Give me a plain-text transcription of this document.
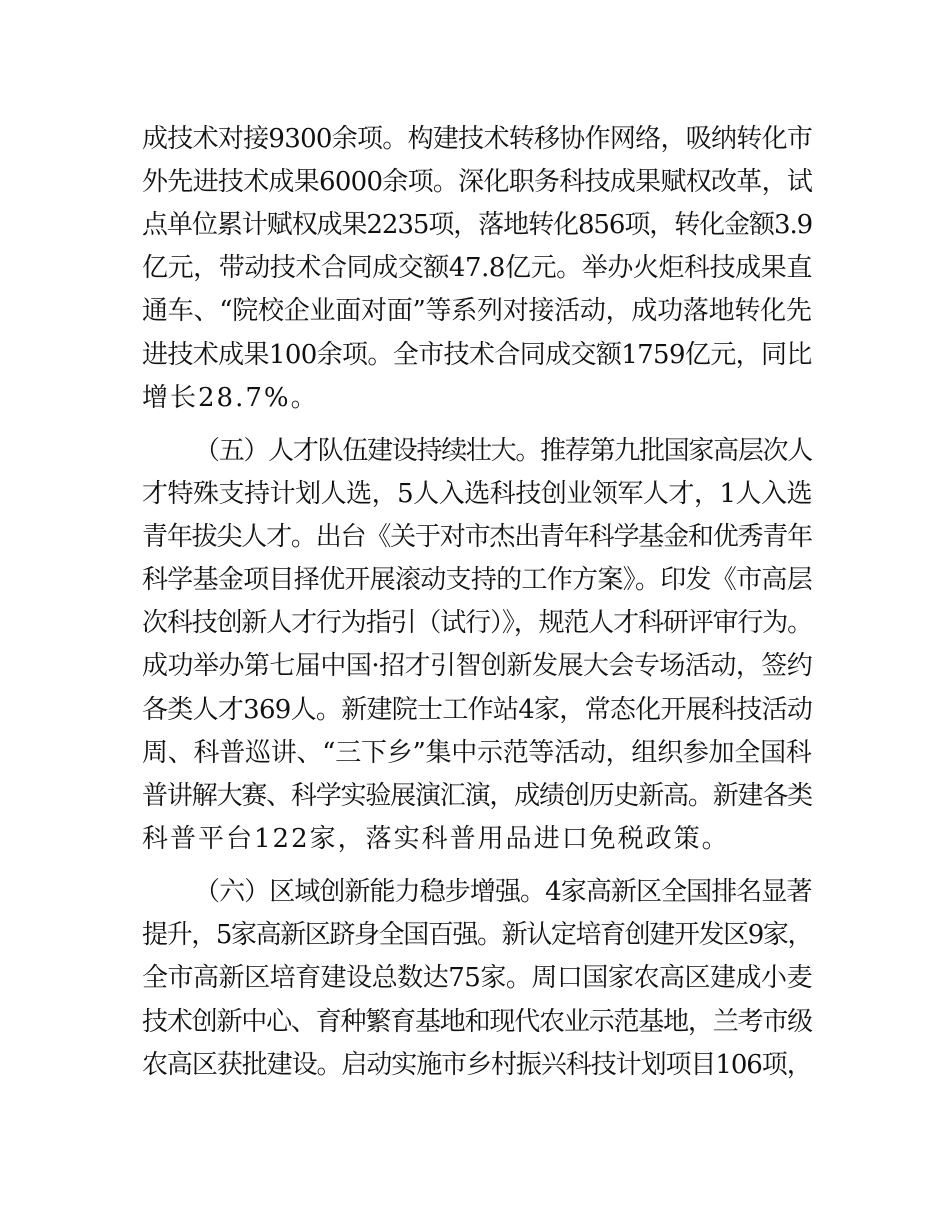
成技术对接9300余项。构建技术转移协作网络，吸纳转化市
外先进技术成果6000余项。深化职务科技成果赋权改革，试
点单位累计赋权成果2235项，落地转化856项，转化金额3.9
亿元，带动技术合同成交额47.8亿元。举办火炬科技成果直
通车、“院校企业面对面”等系列对接活动，成功落地转化先
进技术成果100余项。全市技术合同成交额1759亿元，同比
增长28.7%。
（五）人才队伍建设持续壮大。推荐第九批国家高层次人
才特殊支持计划人选，5人入选科技创业领军人才，1人入选
青年拔尖人才。出台《关于对市杰出青年科学基金和优秀青年
科学基金项目择优开展滚动支持的工作方案》。印发《市高层
次科技创新人才行为指引（试行）》，规范人才科研评审行为。
成功举办第七届中国·招才引智创新发展大会专场活动，签约
各类人才369人。新建院士工作站4家，常态化开展科技活动
周、科普巡讲、“三下乡”集中示范等活动，组织参加全国科
普讲解大赛、科学实验展演汇演，成绩创历史新高。新建各类
科普平台122家，落实科普用品进口免税政策。
（六）区域创新能力稳步增强。4家高新区全国排名显著
提升，5家高新区跻身全国百强。新认定培育创建开发区9家，
全市高新区培育建设总数达75家。周口国家农高区建成小麦
技术创新中心、育种繁育基地和现代农业示范基地，兰考市级
农高区获批建设。启动实施市乡村振兴科技计划项目106项，
